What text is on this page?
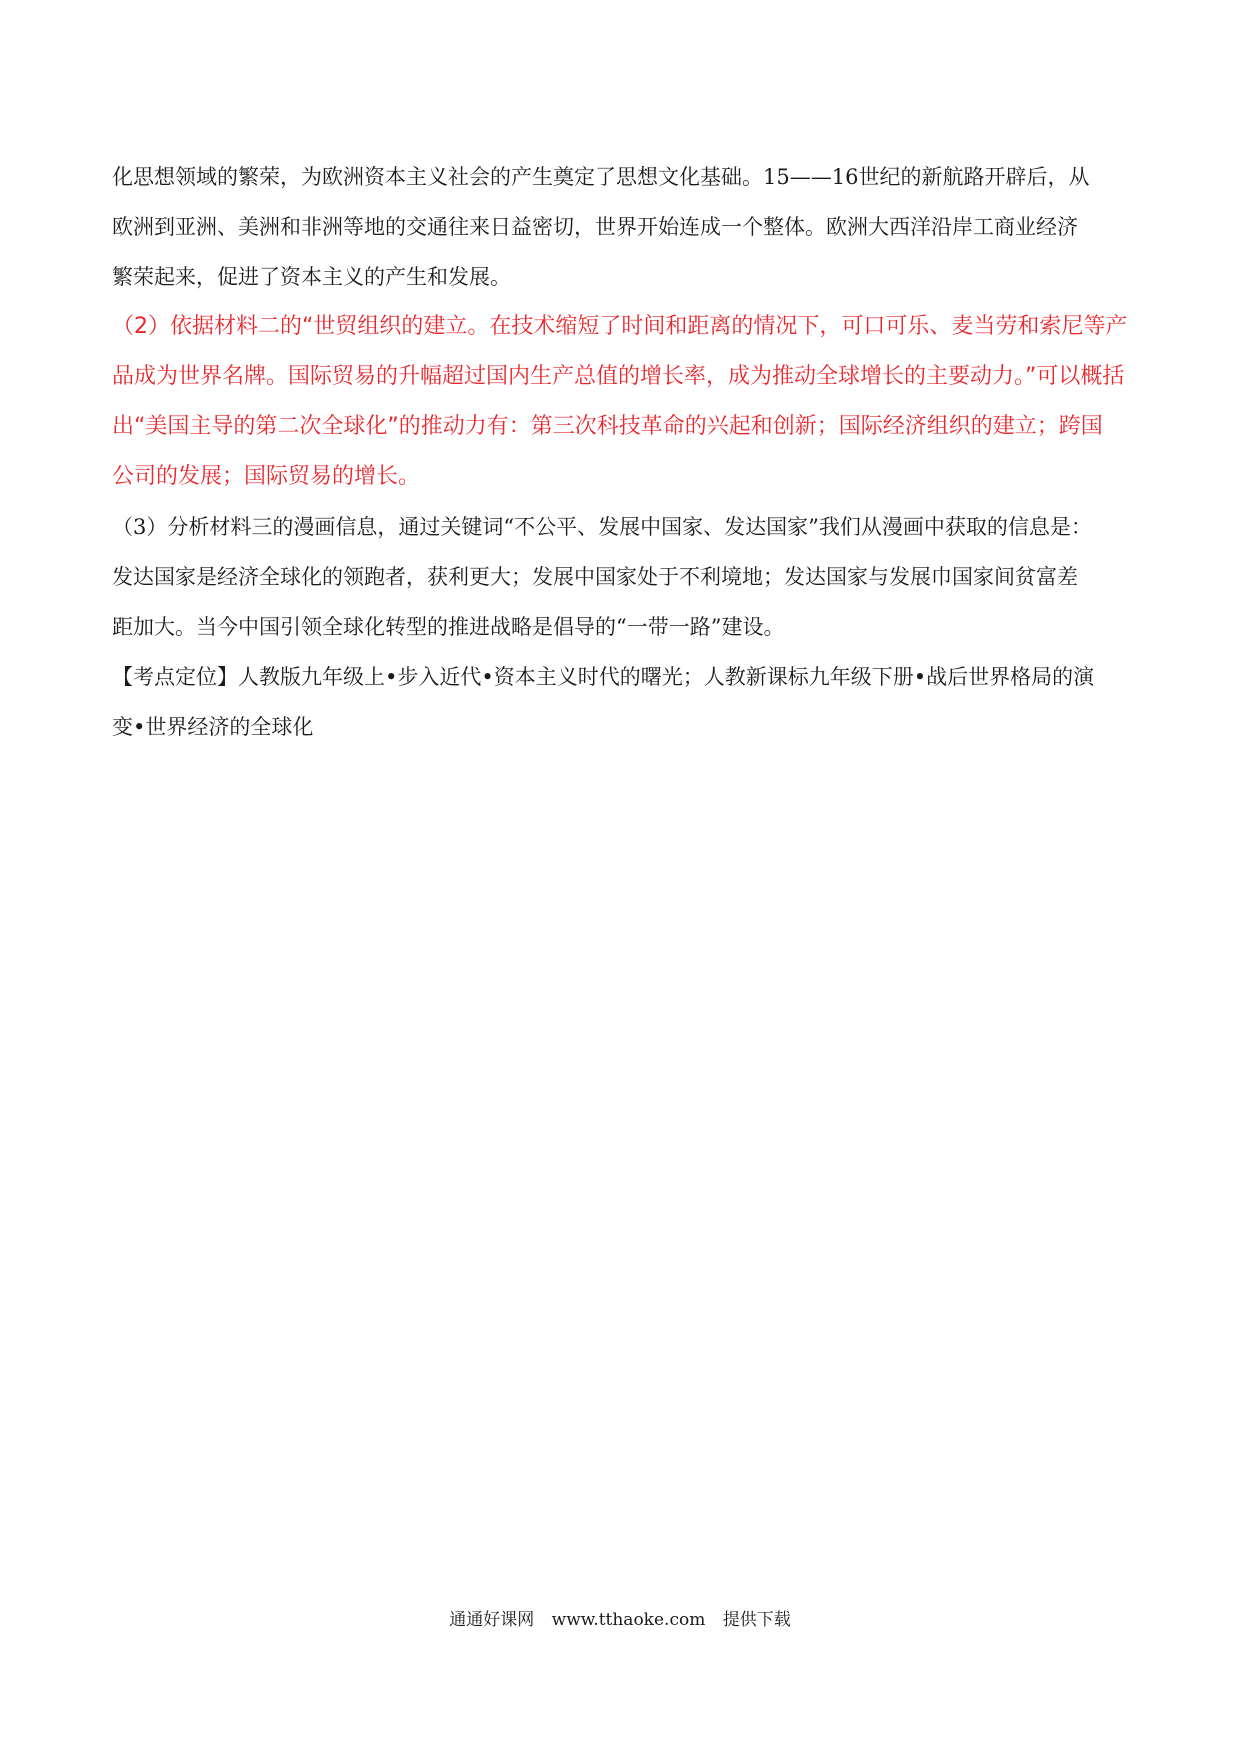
化思想领域的繁荣，为欧洲资本主义社会的产生奠定了思想文化基础。15——16世纪的新航路开辟后，从
欧洲到亚洲、美洲和非洲等地的交通往来日益密切，世界开始连成一个整体。欧洲大西洋沿岸工商业经济
繁荣起来，促进了资本主义的产生和发展。
（2）依据材料二的“世贸组织的建立。在技术缩短了时间和距离的情况下，可口可乐、麦当劳和索尼等产
品成为世界名牌。国际贸易的升幅超过国内生产总值的增长率，成为推动全球增长的主要动力。”可以概括
出“美国主导的第二次全球化”的推动力有：第三次科技革命的兴起和创新；国际经济组织的建立；跨国
公司的发展；国际贸易的增长。
（3）分析材料三的漫画信息，通过关键词“不公平、发展中国家、发达国家”我们从漫画中获取的信息是：
发达国家是经济全球化的领跑者，获利更大；发展中国家处于不利境地；发达国家与发展巾国家间贫富差
距加大。当今中国引领全球化转型的推进战略是倡导的“一带一路”建设。
【考点定位】人教版九年级上•步入近代•资本主义时代的曙光；人教新课标九年级下册•战后世界格局的演
变•世界经济的全球化
通通好课网 www.tthaoke.com 提供下载
